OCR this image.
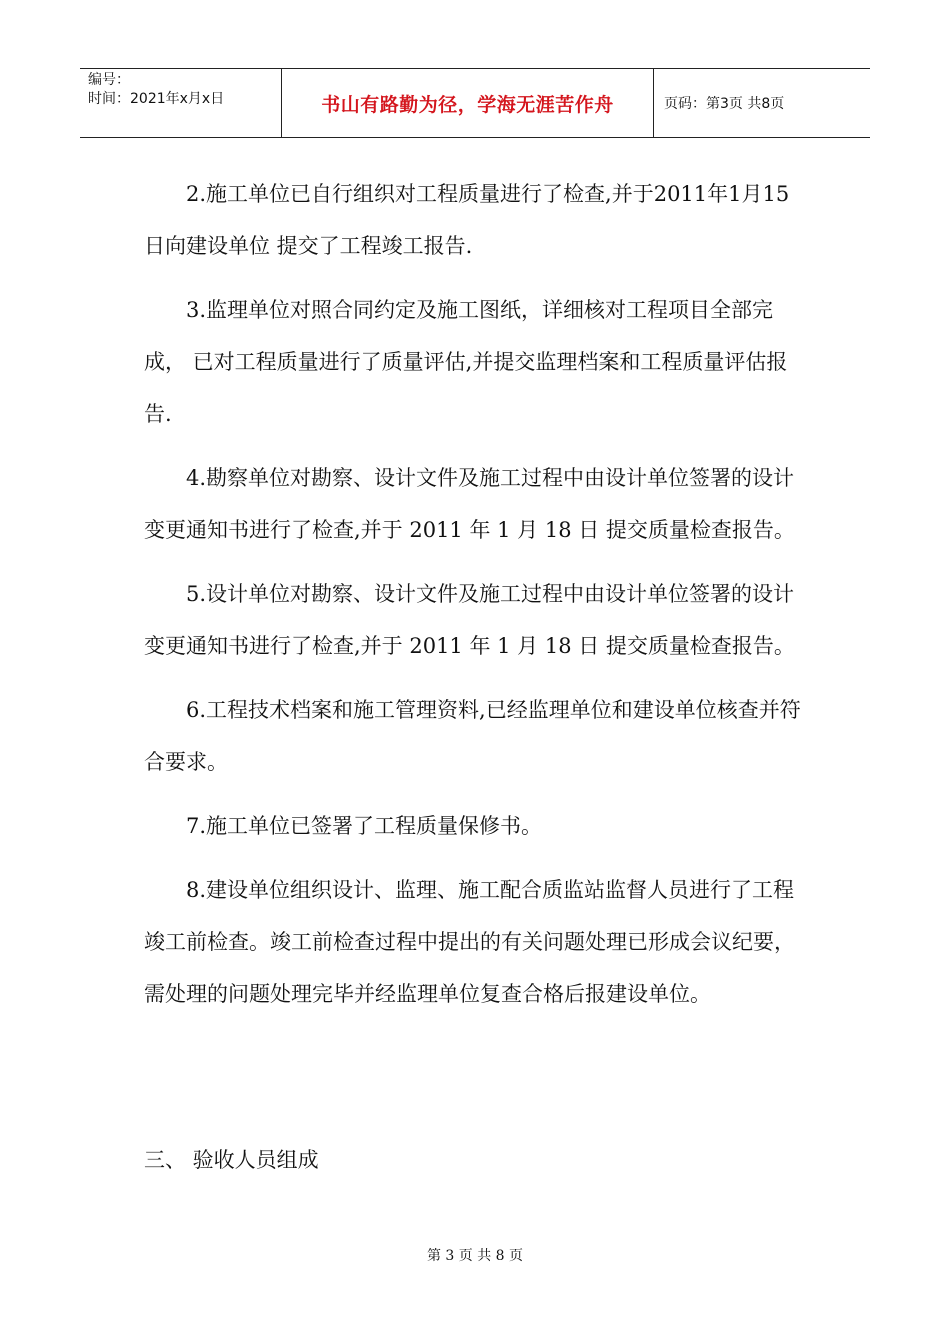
编号：
时间：2021年x月x日	书山有路勤为径，学海无涯苦作舟	页码：第3页 共8页

2.施工单位已自行组织对工程质量进行了检查,并于2011年1月15日向建设单位 提交了工程竣工报告.

3.监理单位对照合同约定及施工图纸，详细核对工程项目全部完成， 已对工程质量进行了质量评估,并提交监理档案和工程质量评估报告.

4.勘察单位对勘察、设计文件及施工过程中由设计单位签署的设计变更通知书进行了检查,并于 2011 年 1 月 18 日 提交质量检查报告。

5.设计单位对勘察、设计文件及施工过程中由设计单位签署的设计变更通知书进行了检查,并于 2011 年 1 月 18 日 提交质量检查报告。

6.工程技术档案和施工管理资料,已经监理单位和建设单位核查并符合要求。

7.施工单位已签署了工程质量保修书。

8.建设单位组织设计、监理、施工配合质监站监督人员进行了工程竣工前检查。竣工前检查过程中提出的有关问题处理已形成会议纪要，需处理的问题处理完毕并经监理单位复查合格后报建设单位。

三、 验收人员组成
第 3 页 共 8 页
